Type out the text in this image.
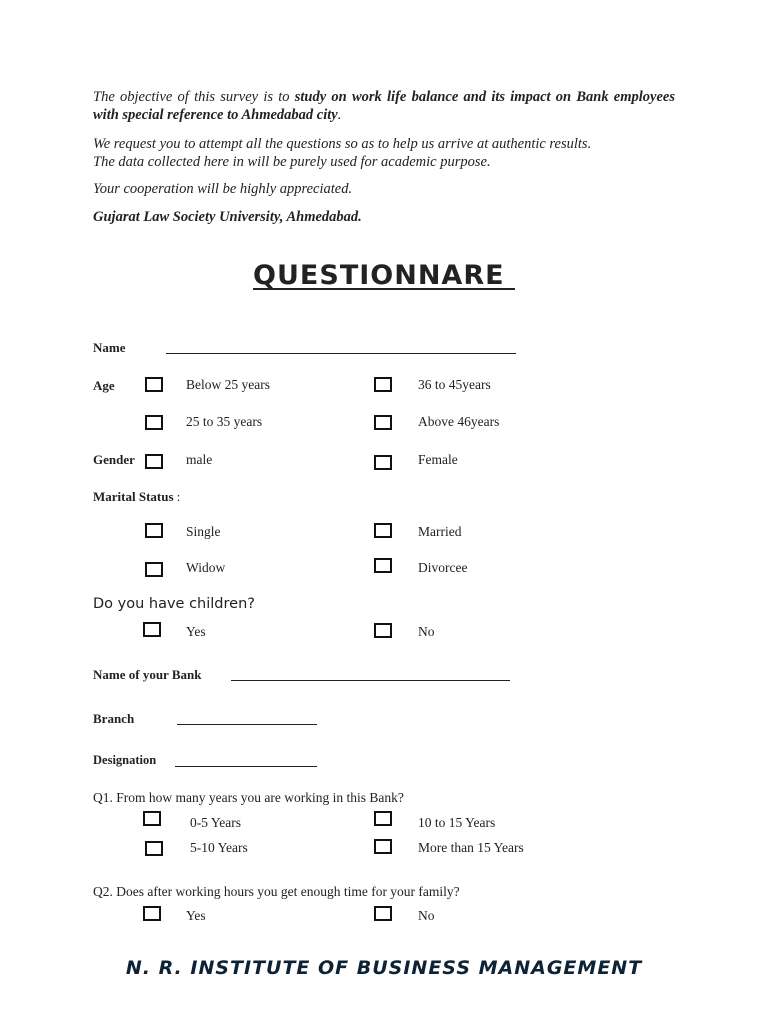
The objective of this survey is to study on work life balance and its impact on Bank employees with special reference to Ahmedabad city.
We request you to attempt all the questions so as to help us arrive at authentic results.
The data collected here in will be purely used for academic purpose.
Your cooperation will be highly appreciated.
Gujarat Law Society University, Ahmedabad.
QUESTIONNARE
Name
Age	Below 25 years	36 to 45years
25 to 35 years	Above 46years
Gender	male	Female
Marital Status :
Single	Married
Widow	Divorcee
Do you have children?
Yes	No
Name of your Bank
Branch
Designation
Q1. From how many years you are working in this Bank?
0-5 Years	10 to 15 Years
5-10 Years	More than 15 Years
Q2. Does after working hours you get enough time for your family?
Yes	No
N. R. INSTITUTE OF BUSINESS MANAGEMENT
